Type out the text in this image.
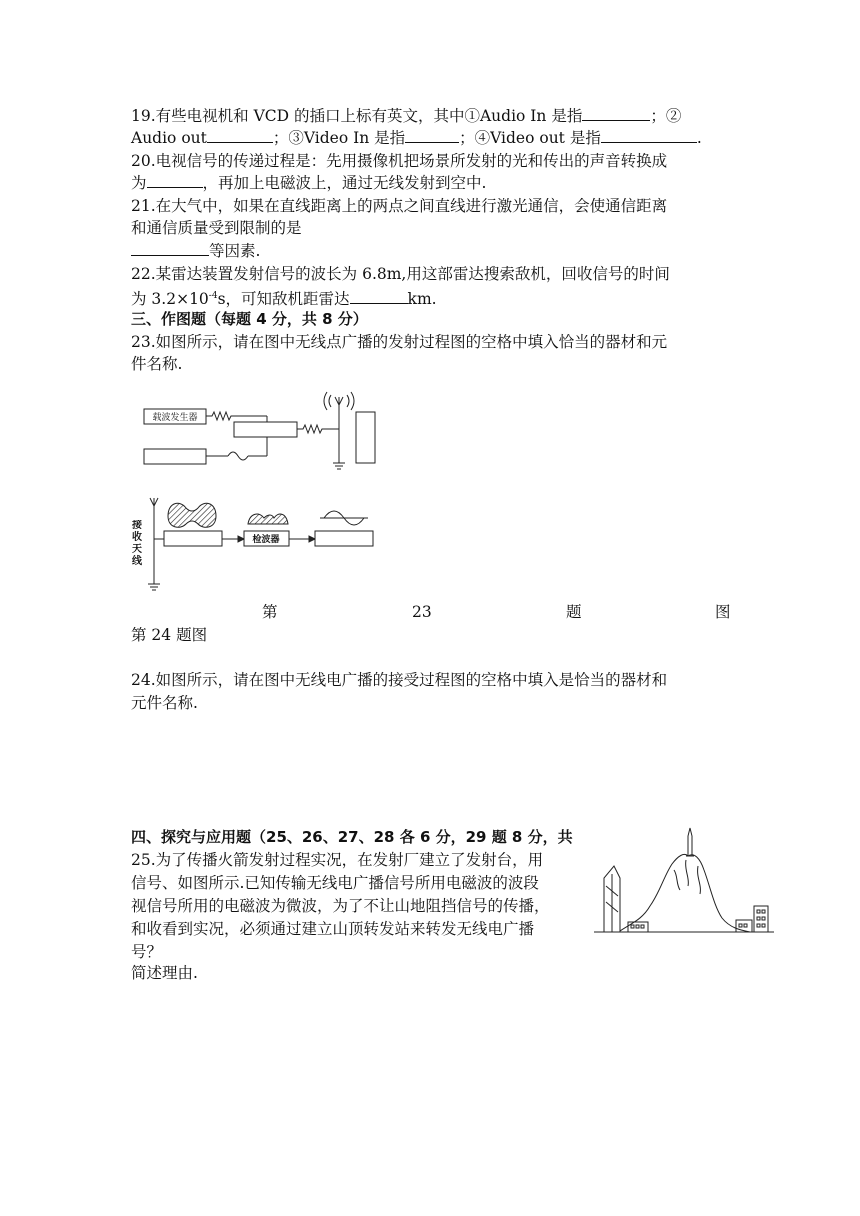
19.有些电视机和 VCD 的插口上标有英文，其中①Audio In 是指	；②
Audio out	；③Video In 是指	；④Video out 是指	.
20.电视信号的传递过程是：先用摄像机把场景所发射的光和传出的声音转换成
为	，再加上电磁波上，通过无线发射到空中.
21.在大气中，如果在直线距离上的两点之间直线进行激光通信，会使通信距离
和通信质量受到限制的是
等因素.
22.某雷达装置发射信号的波长为 6.8m,用这部雷达搜索敌机，回收信号的时间
为 $3.2\times 10^{-4}s$，可知敌机距雷达	km.
三、作图题（每题 4 分，共 8 分）
23.如图所示，请在图中无线点广播的发射过程图的空格中填入恰当的器材和元
件名称.
载波发生器
检波器
接收天线
第	23	题	图
第 24 题图
24.如图所示，请在图中无线电广播的接受过程图的空格中填入是恰当的器材和
元件名称.
四、探究与应用题（25、26、27、28 各 6 分，29 题 8 分，共
25.为了传播火箭发射过程实况，在发射厂建立了发射台，用
信号、如图所示.已知传输无线电广播信号所用电磁波的波段
视信号所用的电磁波为微波，为了不让山地阻挡信号的传播，
和收看到实况，必须通过建立山顶转发站来转发无线电广播
号？
简述理由.
